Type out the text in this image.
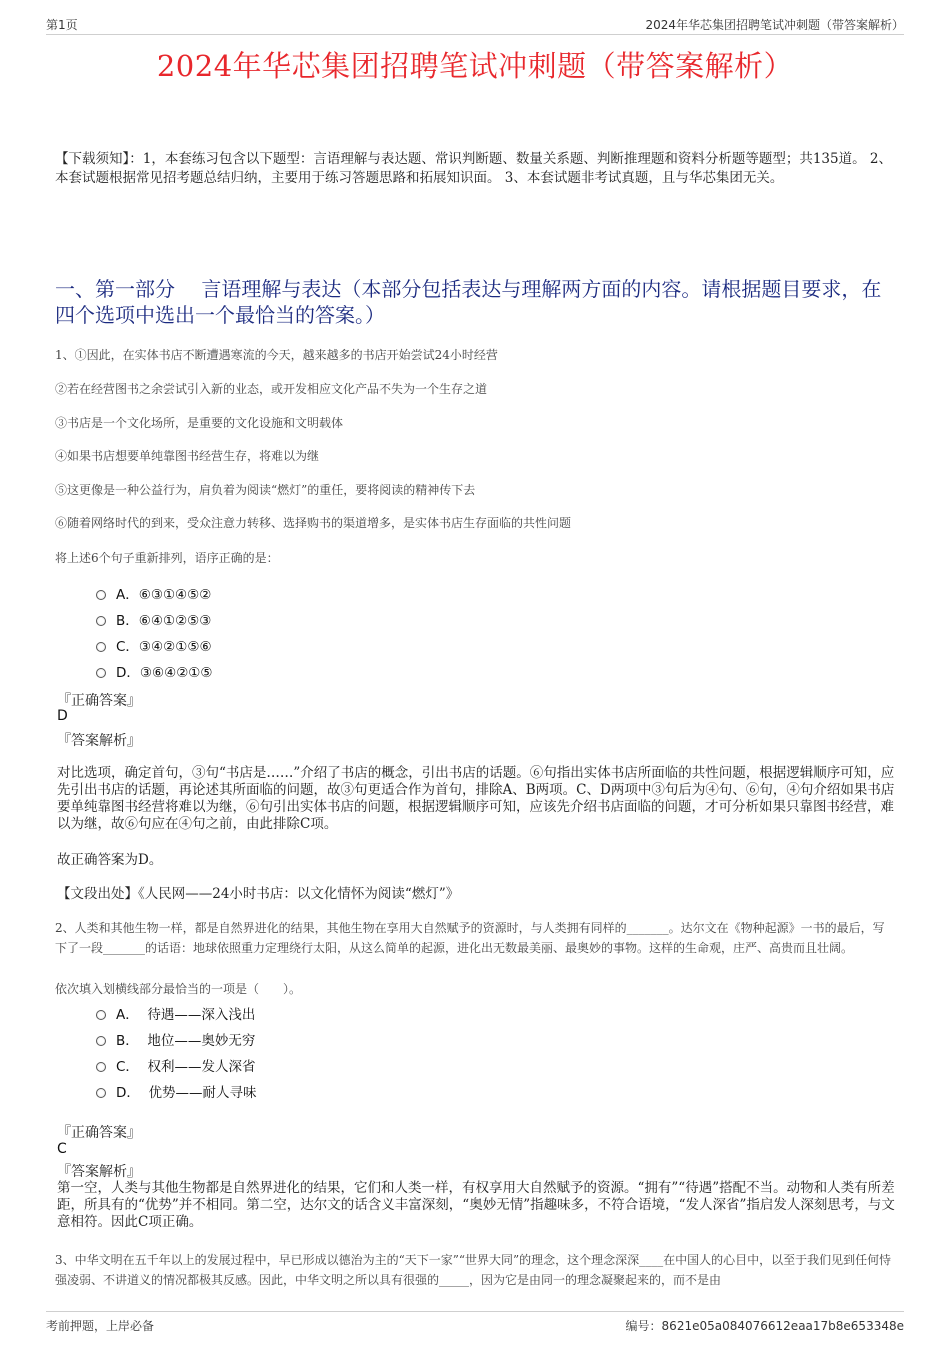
第1页	2024年华芯集团招聘笔试冲刺题（带答案解析）
2024年华芯集团招聘笔试冲刺题（带答案解析）
【下载须知】：1，本套练习包含以下题型：言语理解与表达题、常识判断题、数量关系题、判断推理题和资料分析题等题型；共135道。 2、本套试题根据常见招考题总结归纳，主要用于练习答题思路和拓展知识面。 3、本套试题非考试真题，且与华芯集团无关。
一、第一部分　 言语理解与表达（本部分包括表达与理解两方面的内容。请根据题目要求，在四个选项中选出一个最恰当的答案。）
1、①因此，在实体书店不断遭遇寒流的今天，越来越多的书店开始尝试24小时经营
②若在经营图书之余尝试引入新的业态，或开发相应文化产品不失为一个生存之道
③书店是一个文化场所，是重要的文化设施和文明载体
④如果书店想要单纯靠图书经营生存，将难以为继
⑤这更像是一种公益行为，肩负着为阅读“燃灯”的重任，要将阅读的精神传下去
⑥随着网络时代的到来，受众注意力转移、选择购书的渠道增多，是实体书店生存面临的共性问题
将上述6个句子重新排列，语序正确的是：
A．⑥③①④⑤②
B．⑥④①②⑤③
C．③④②①⑤⑥
D．③⑥④②①⑤
『正确答案』
D
『答案解析』
对比选项，确定首句，③句“书店是……”介绍了书店的概念，引出书店的话题。⑥句指出实体书店所面临的共性问题，根据逻辑顺序可知，应先引出书店的话题，再论述其所面临的问题，故③句更适合作为首句，排除A、B两项。C、D两项中③句后为④句、⑥句，④句介绍如果书店要单纯靠图书经营将难以为继，⑥句引出实体书店的问题，根据逻辑顺序可知，应该先介绍书店面临的问题，才可分析如果只靠图书经营，难以为继，故⑥句应在④句之前，由此排除C项。
故正确答案为D。
【文段出处】《人民网——24小时书店：以文化情怀为阅读“燃灯”》
2、人类和其他生物一样，都是自然界进化的结果，其他生物在享用大自然赋予的资源时，与人类拥有同样的_______。达尔文在《物种起源》一书的最后，写下了一段_______的话语：地球依照重力定理绕行太阳，从这么简单的起源，进化出无数最美丽、最奥妙的事物。这样的生命观，庄严、高贵而且壮阔。
依次填入划横线部分最恰当的一项是（　　）。
A．  待遇——深入浅出
B．  地位——奥妙无穷
C．  权利——发人深省
D．  优势——耐人寻味
『正确答案』
C
『答案解析』
第一空，人类与其他生物都是自然界进化的结果，它们和人类一样，有权享用大自然赋予的资源。“拥有”“待遇”搭配不当。动物和人类有所差距，所具有的“优势”并不相同。第二空，达尔文的话含义丰富深刻，“奥妙无情”指趣味多，不符合语境，“发人深省”指启发人深刻思考，与文意相符。因此C项正确。
3、中华文明在五千年以上的发展过程中，早已形成以德治为主的“天下一家”“世界大同”的理念，这个理念深深____在中国人的心目中，以至于我们见到任何恃强凌弱、不讲道义的情况都极其反感。因此，中华文明之所以具有很强的_____，因为它是由同一的理念凝聚起来的，而不是由
考前押题，上岸必备	编号：8621e05a084076612eaa17b8e653348e
